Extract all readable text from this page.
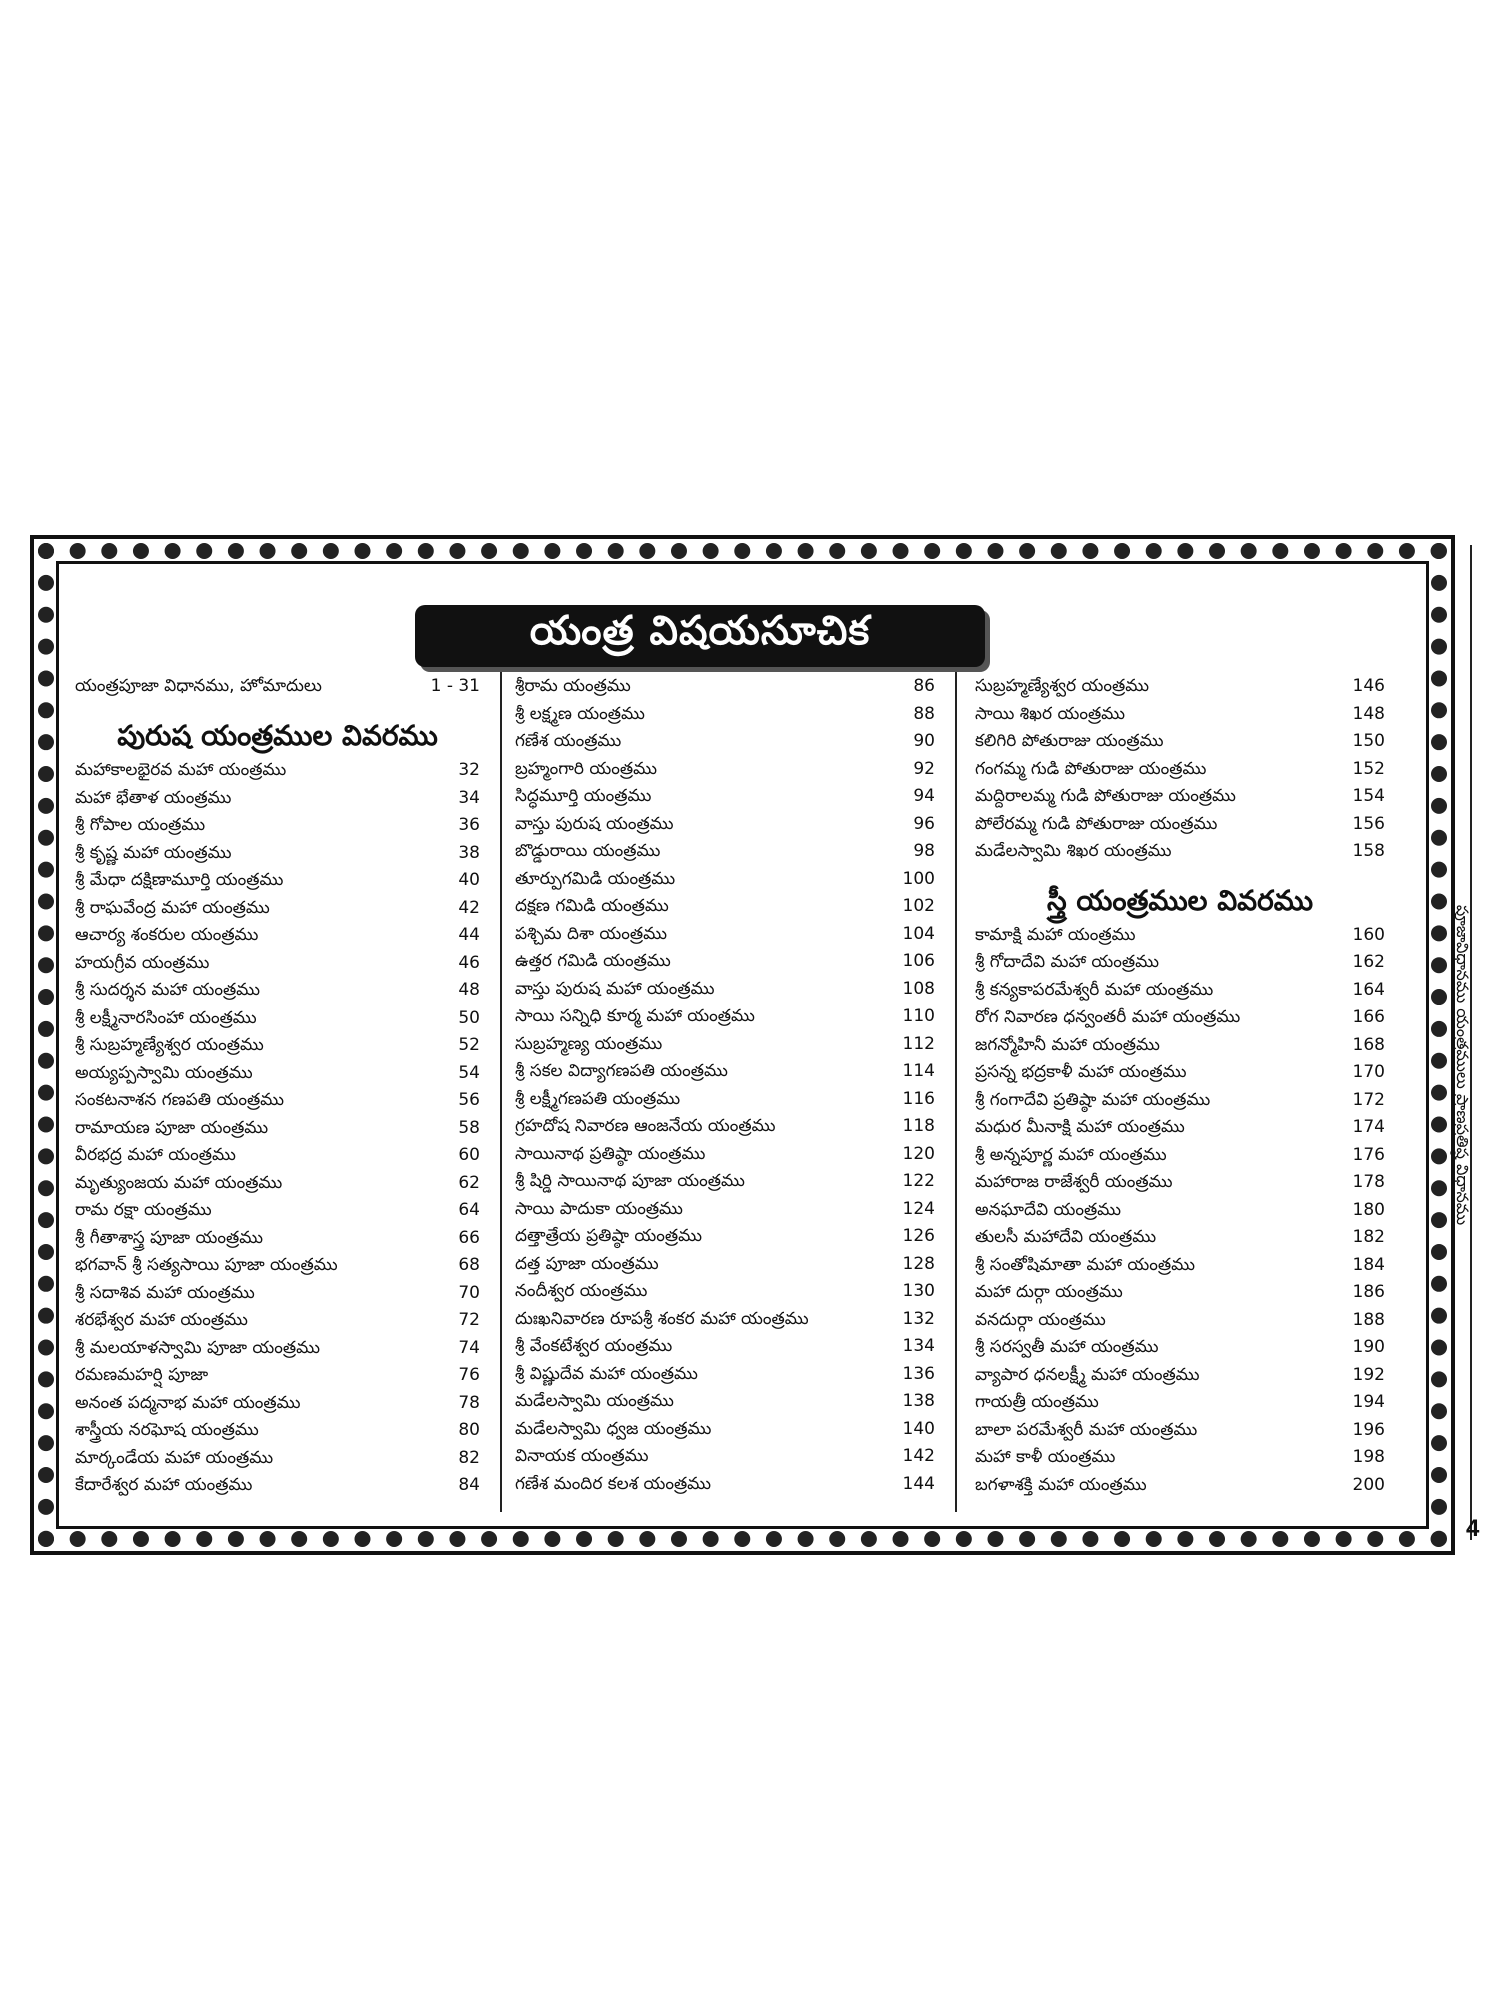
యంత్ర విషయసూచిక
యంత్రపూజా విధానము, హోమాదులు	1 - 31
పురుష యంత్రముల వివరము
మహాకాలభైరవ మహా యంత్రము	32
మహా భేతాళ యంత్రము	34
శ్రీ గోపాల యంత్రము	36
శ్రీ కృష్ణ మహా యంత్రము	38
శ్రీ మేధా దక్షిణామూర్తి యంత్రము	40
శ్రీ రాఘవేంద్ర మహా యంత్రము	42
ఆచార్య శంకరుల యంత్రము	44
హయగ్రీవ యంత్రము	46
శ్రీ సుదర్శన మహా యంత్రము	48
శ్రీ లక్ష్మీనారసింహా యంత్రము	50
శ్రీ సుబ్రహ్మణ్యేశ్వర యంత్రము	52
అయ్యప్పస్వామి యంత్రము	54
సంకటనాశన గణపతి యంత్రము	56
రామాయణ పూజా యంత్రము	58
వీరభద్ర మహా యంత్రము	60
మృత్యుంజయ మహా యంత్రము	62
రామ రక్షా యంత్రము	64
శ్రీ గీతాశాస్త్ర పూజా యంత్రము	66
భగవాన్ శ్రీ సత్యసాయి పూజా యంత్రము	68
శ్రీ సదాశివ మహా యంత్రము	70
శరభేశ్వర మహా యంత్రము	72
శ్రీ మలయాళస్వామి పూజా యంత్రము	74
రమణమహర్షి పూజా	76
అనంత పద్మనాభ మహా యంత్రము	78
శాస్త్రీయ నరఘోష యంత్రము	80
మార్కండేయ మహా యంత్రము	82
కేదారేశ్వర మహా యంత్రము	84
శ్రీరామ యంత్రము	86
శ్రీ లక్ష్మణ యంత్రము	88
గణేశ యంత్రము	90
బ్రహ్మంగారి యంత్రము	92
సిద్ధమూర్తి యంత్రము	94
వాస్తు పురుష యంత్రము	96
బొడ్డురాయి యంత్రము	98
తూర్పుగమిడి యంత్రము	100
దక్షణ గమిడి యంత్రము	102
పశ్చిమ దిశా యంత్రము	104
ఉత్తర గమిడి యంత్రము	106
వాస్తు పురుష మహా యంత్రము	108
సాయి సన్నిధి కూర్మ మహా యంత్రము	110
సుబ్రహ్మణ్య యంత్రము	112
శ్రీ సకల విద్యాగణపతి యంత్రము	114
శ్రీ లక్ష్మీగణపతి యంత్రము	116
గ్రహదోష నివారణ ఆంజనేయ యంత్రము	118
సాయినాథ ప్రతిష్ఠా యంత్రము	120
శ్రీ షిర్డి సాయినాథ పూజా యంత్రము	122
సాయి పాదుకా యంత్రము	124
దత్తాత్రేయ ప్రతిష్ఠా యంత్రము	126
దత్త పూజా యంత్రము	128
నందీశ్వర యంత్రము	130
దుఃఖనివారణ రూపశ్రీ శంకర మహా యంత్రము	132
శ్రీ వేంకటేశ్వర యంత్రము	134
శ్రీ విష్ణుదేవ మహా యంత్రము	136
మడేలస్వామి యంత్రము	138
మడేలస్వామి ధ్వజ యంత్రము	140
వినాయక యంత్రము	142
గణేశ మందిర కలశ యంత్రము	144
సుబ్రహ్మణ్యేశ్వర యంత్రము	146
సాయి శిఖర యంత్రము	148
కలిగిరి పోతురాజు యంత్రము	150
గంగమ్మ గుడి పోతురాజు యంత్రము	152
మద్దిరాలమ్మ గుడి పోతురాజు యంత్రము	154
పోలేరమ్మ గుడి పోతురాజు యంత్రము	156
మడేలస్వామి శిఖర యంత్రము	158
స్త్రీ యంత్రముల వివరము
కామాక్షి మహా యంత్రము	160
శ్రీ గోదాదేవి మహా యంత్రము	162
శ్రీ కన్యకాపరమేశ్వరీ మహా యంత్రము	164
రోగ నివారణ ధన్వంతరీ మహా యంత్రము	166
జగన్మోహినీ మహా యంత్రము	168
ప్రసన్న భద్రకాళీ మహా యంత్రము	170
శ్రీ గంగాదేవి ప్రతిష్ఠా మహా యంత్రము	172
మధుర మీనాక్షి మహా యంత్రము	174
శ్రీ అన్నపూర్ణ మహా యంత్రము	176
మహారాజ రాజేశ్వరీ యంత్రము	178
అనఘాదేవి యంత్రము	180
తులసీ మహాదేవి యంత్రము	182
శ్రీ సంతోషిమాతా మహా యంత్రము	184
మహా దుర్గా యంత్రము	186
వనదుర్గా యంత్రము	188
శ్రీ సరస్వతీ మహా యంత్రము	190
వ్యాపార ధనలక్ష్మీ మహా యంత్రము	192
గాయత్రీ యంత్రము	194
బాలా పరమేశ్వరీ మహా యంత్రము	196
మహా కాళీ యంత్రము	198
బగళాశక్తి మహా యంత్రము	200
పూజావిధానము యంత్రములు ప్రాణప్రతిష్ఠ విధానము
4
